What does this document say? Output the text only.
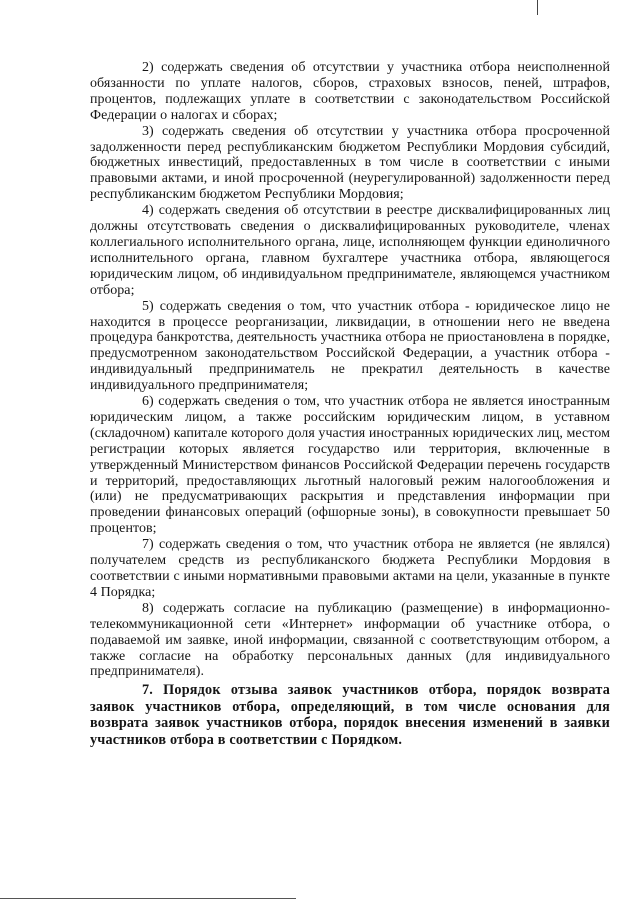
2) содержать сведения об отсутствии у участника отбора неисполненной обязанности по уплате налогов, сборов, страховых взносов, пеней, штрафов, процентов, подлежащих уплате в соответствии с законодательством Российской Федерации о налогах и сборах;

3) содержать сведения об отсутствии у участника отбора просроченной задолженности перед республиканским бюджетом Республики Мордовия субсидий, бюджетных инвестиций, предоставленных в том числе в соответствии с иными правовыми актами, и иной просроченной (неурегулированной) задолженности перед республиканским бюджетом Республики Мордовия;

4) содержать сведения об отсутствии в реестре дисквалифицированных лиц должны отсутствовать сведения о дисквалифицированных руководителе, членах коллегиального исполнительного органа, лице, исполняющем функции единоличного исполнительного органа, главном бухгалтере участника отбора, являющегося юридическим лицом, об индивидуальном предпринимателе, являющемся участником отбора;

5) содержать сведения о том, что участник отбора - юридическое лицо не находится в процессе реорганизации, ликвидации, в отношении него не введена процедура банкротства, деятельность участника отбора не приостановлена в порядке, предусмотренном законодательством Российской Федерации, а участник отбора - индивидуальный предприниматель не прекратил деятельность в качестве индивидуального предпринимателя;

6) содержать сведения о том, что участник отбора не является иностранным юридическим лицом, а также российским юридическим лицом, в уставном (складочном) капитале которого доля участия иностранных юридических лиц, местом регистрации которых является государство или территория, включенные в утвержденный Министерством финансов Российской Федерации перечень государств и территорий, предоставляющих льготный налоговый режим налогообложения и (или) не предусматривающих раскрытия и представления информации при проведении финансовых операций (офшорные зоны), в совокупности превышает 50 процентов;

7) содержать сведения о том, что участник отбора не является (не являлся) получателем средств из республиканского бюджета Республики Мордовия в соответствии с иными нормативными правовыми актами на цели, указанные в пункте 4 Порядка;

8) содержать согласие на публикацию (размещение) в информационно-телекоммуникационной сети «Интернет» информации об участнике отбора, о подаваемой им заявке, иной информации, связанной с соответствующим отбором, а также согласие на обработку персональных данных (для индивидуального предпринимателя).

7. Порядок отзыва заявок участников отбора, порядок возврата заявок участников отбора, определяющий, в том числе основания для возврата заявок участников отбора, порядок внесения изменений в заявки участников отбора в соответствии с Порядком.
